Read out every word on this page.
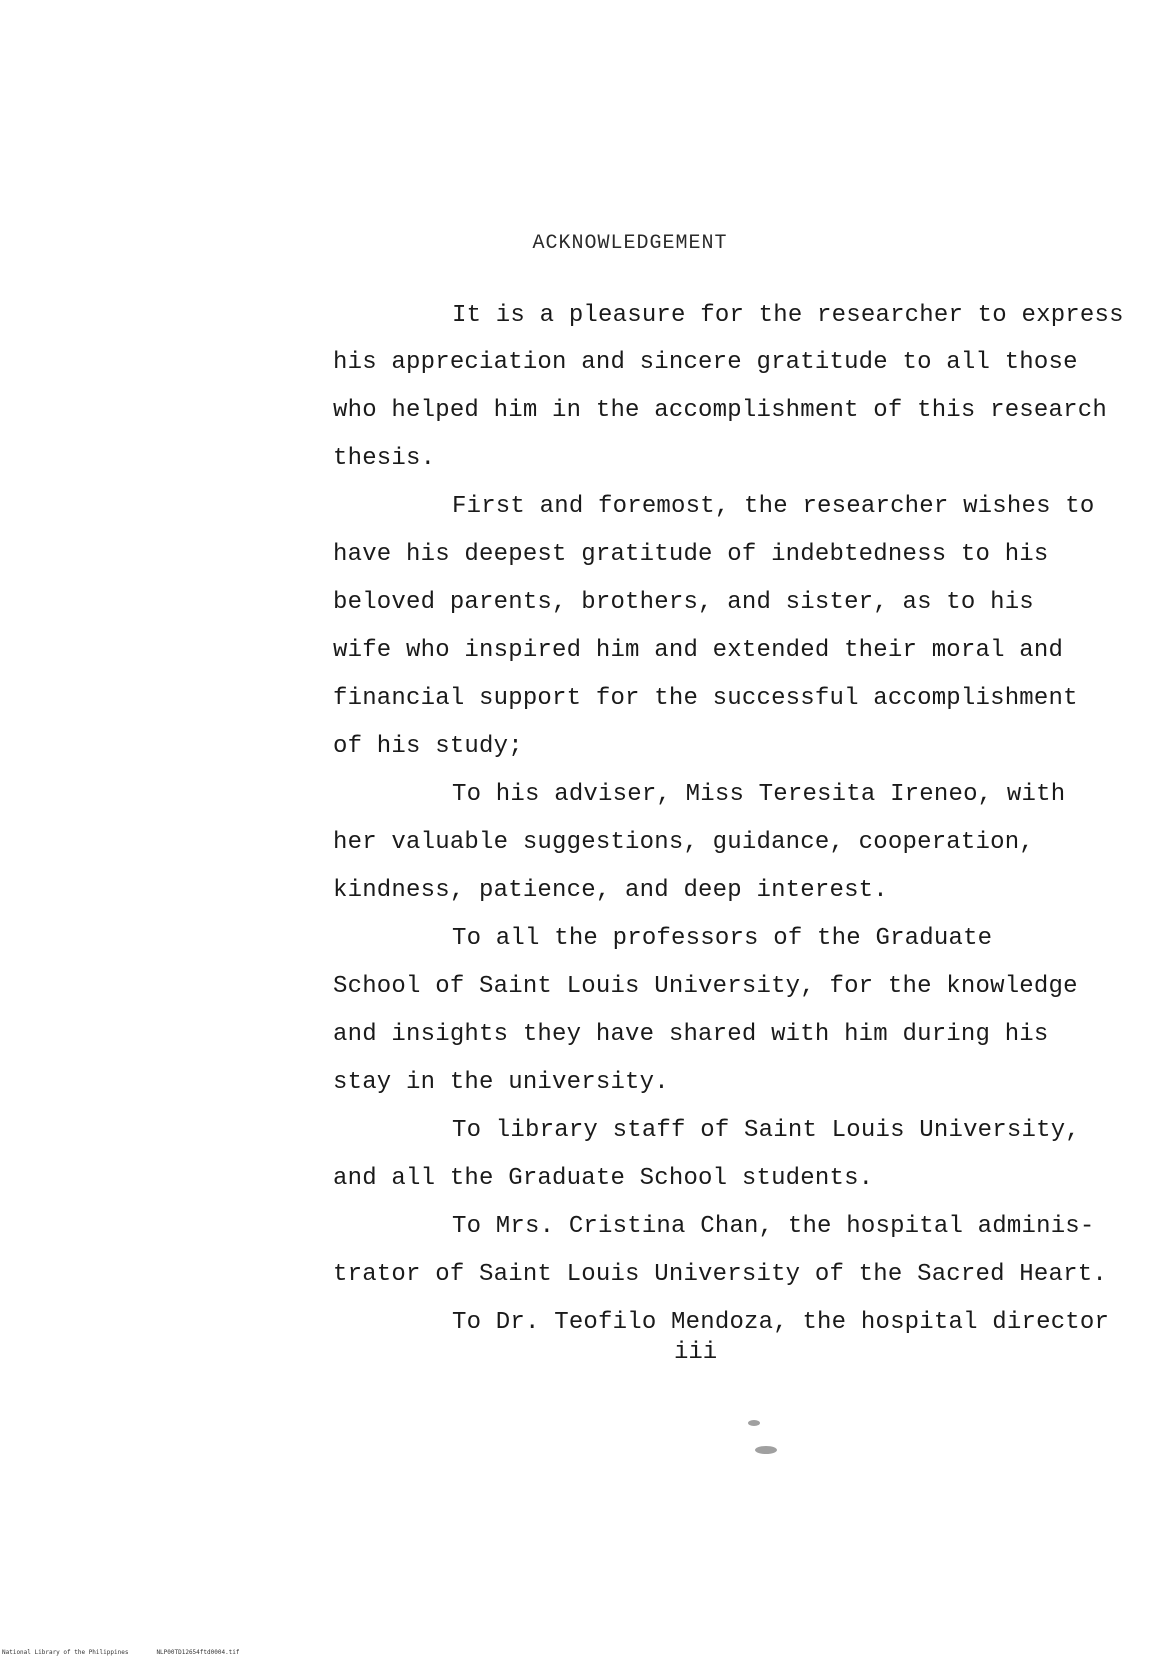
ACKNOWLEDGEMENT
It is a pleasure for the researcher to express
his appreciation and sincere gratitude to all those
who helped him in the accomplishment of this research
thesis.
First and foremost, the researcher wishes to
have his deepest gratitude of indebtedness to his
beloved parents, brothers, and sister, as to his
wife who inspired him and extended their moral and
financial support for the successful accomplishment
of his study;
To his adviser, Miss Teresita Ireneo, with
her valuable suggestions, guidance, cooperation,
kindness, patience, and deep interest.
To all the professors of the Graduate
School of Saint Louis University, for the knowledge
and insights they have shared with him during his
stay in the university.
To library staff of Saint Louis University,
and all the Graduate School students.
To Mrs. Cristina Chan, the hospital adminis-
trator of Saint Louis University of the Sacred Heart.
To Dr. Teofilo Mendoza, the hospital director
iii
National Library of the Philippines	NLP00TD12654ftd0004.tif
